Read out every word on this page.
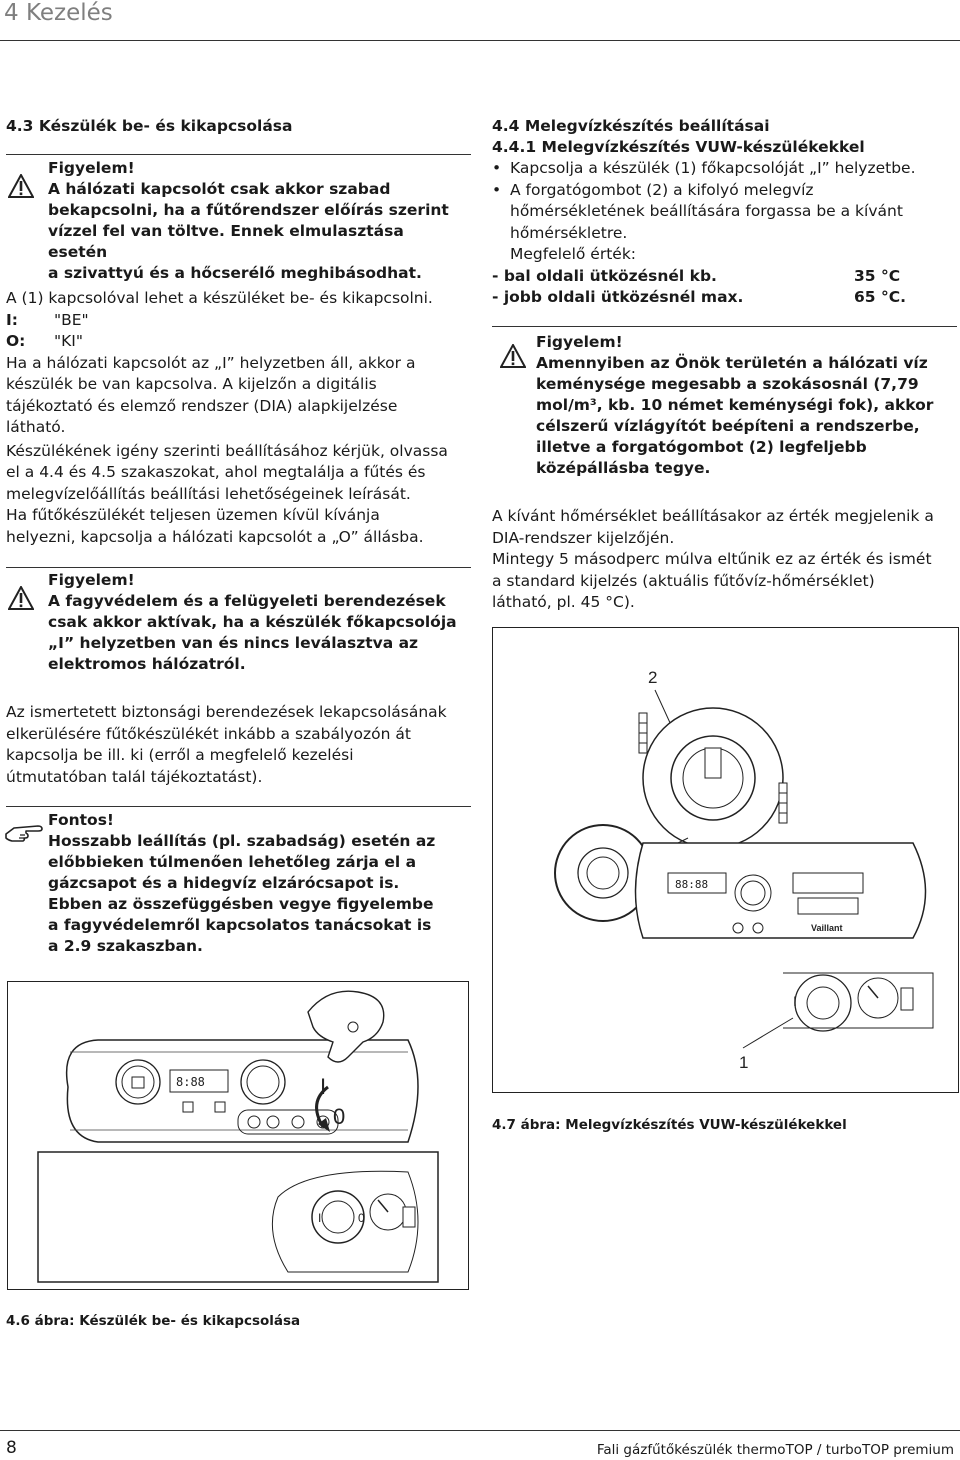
4 Kezelés
4.3 Készülék be- és kikapcsolása

Figyelem!

A hálózati kapcsolót csak akkor szabad

bekapcsolni, ha a fűtőrendszer előírás szerint

vízzel fel van töltve. Ennek elmulasztása esetén

a szivattyú és a hőcserélő meghibásodhat.

A (1) kapcsolóval lehet a készüléket be- és kikapcsolni.

I:	"BE"
O:	"KI"

Ha a hálózati kapcsolót az „I” helyzetben áll, akkor a

készülék be van kapcsolva. A kijelzőn a digitális

tájékoztató és elemző rendszer (DIA) alapkijelzése

látható.

Készülékének igény szerinti beállításához kérjük, olvassa

el a 4.4 és 4.5 szakaszokat, ahol megtalálja a fűtés és

melegvízelőállítás beállítási lehetőségeinek leírását.

Ha fűtőkészülékét teljesen üzemen kívül kívánja

helyezni, kapcsolja a hálózati kapcsolót a „O” állásba.

Figyelem!

A fagyvédelem és a felügyeleti berendezések

csak akkor aktívak, ha a készülék főkapcsolója

„I” helyzetben van és nincs leválasztva az

elektromos hálózatról.

Az ismertetett biztonsági berendezések lekapcsolásának

elkerülésére fűtőkészülékét inkább a szabályozón át

kapcsolja be ill. ki (erről a megfelelő kezelési

útmutatóban talál tájékoztatást).

Fontos!

Hosszabb leállítás (pl. szabadság) esetén az

előbbieken túlmenően lehetőleg zárja el a

gázcsapot és a hidegvíz elzárócsapot is.

Ebben az összefüggésben vegye figyelembe

a fagyvédelemről kapcsolatos tanácsokat is

a 2.9 szakaszban.

8:88	I
0
I	0
4.6 ábra: Készülék be- és kikapcsolása

4.4 Melegvízkészítés beállításai

4.4.1 Melegvízkészítés VUW-készülékekkel

• Kapcsolja a készülék (1) főkapcsolóját „I” helyzetbe.

• A forgatógombot (2) a kifolyó melegvíz

hőmérsékletének beállítására forgassa be a kívánt

hőmérsékletre.

Megfelelő érték:

- bal oldali ütközésnél kb.	35 °C
- jobb oldali ütközésnél max.	65 °C.

Figyelem!

Amennyiben az Önök területén a hálózati víz

keménysége megesabb a szokásosnál (7,79

mol/m³, kb. 10 német keménységi fok), akkor

célszerű vízlágyítót beépíteni a rendszerbe,

illetve a forgatógombot (2) legfeljebb

középállásba tegye.

A kívánt hőmérséklet beállításakor az érték megjelenik a

DIA-rendszer kijelzőjén.

Mintegy 5 másodperc múlva eltűnik ez az érték és ismét

a standard kijelzés (aktuális fűtővíz-hőmérséklet)

látható, pl. 45 °C).

2
88:88
Vaillant
I
1
4.7 ábra: Melegvízkészítés VUW-készülékekkel
8	Fali gázfűtőkészülék thermoTOP / turboTOP premium
